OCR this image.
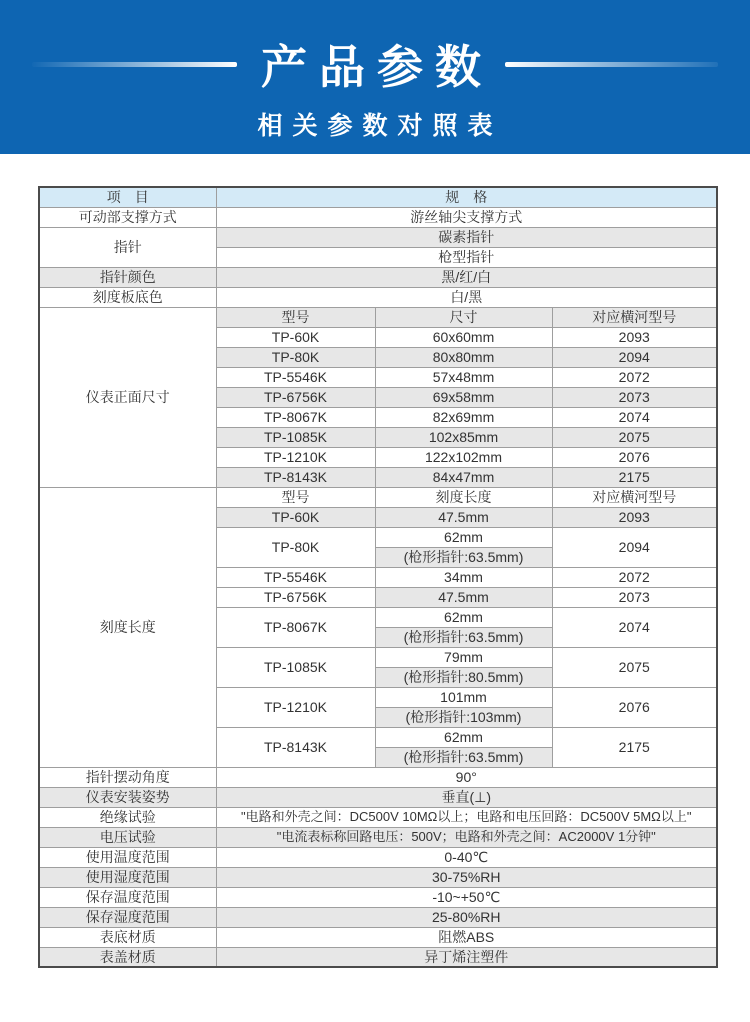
产品参数
相关参数对照表
项　目	规　格		
可动部支撑方式	游丝轴尖支撑方式		
指针	碳素指针		
	枪型指针		
指针颜色	黑/红/白		
刻度板底色	白/黑		
仪表正面尺寸	型号	尺寸	对应横河型号
	TP-60K	60x60mm	2093
	TP-80K	80x80mm	2094
	TP-5546K	57x48mm	2072
	TP-6756K	69x58mm	2073
	TP-8067K	82x69mm	2074
	TP-1085K	102x85mm	2075
	TP-1210K	122x102mm	2076
	TP-8143K	84x47mm	2175
刻度长度	型号	刻度长度	对应横河型号
	TP-60K	47.5mm	2093
	TP-80K	62mm	2094
		(枪形指针:63.5mm)	
	TP-5546K	34mm	2072
	TP-6756K	47.5mm	2073
	TP-8067K	62mm	2074
		(枪形指针:63.5mm)	
	TP-1085K	79mm	2075
		(枪形指针:80.5mm)	
	TP-1210K	101mm	2076
		(枪形指针:103mm)	
	TP-8143K	62mm	2175
		(枪形指针:63.5mm)	
指针摆动角度	90°		
仪表安装姿势	垂直(⊥)		
绝缘试验	"电路和外壳之间：DC500V 10MΩ以上；电路和电压回路：DC500V 5MΩ以上"		
电压试验	"电流表标称回路电压：500V；电路和外壳之间：AC2000V 1分钟"		
使用温度范围	0-40℃		
使用湿度范围	30-75%RH		
保存温度范围	-10~+50℃		
保存湿度范围	25-80%RH		
表底材质	阻燃ABS		
表盖材质	异丁烯注塑件		
